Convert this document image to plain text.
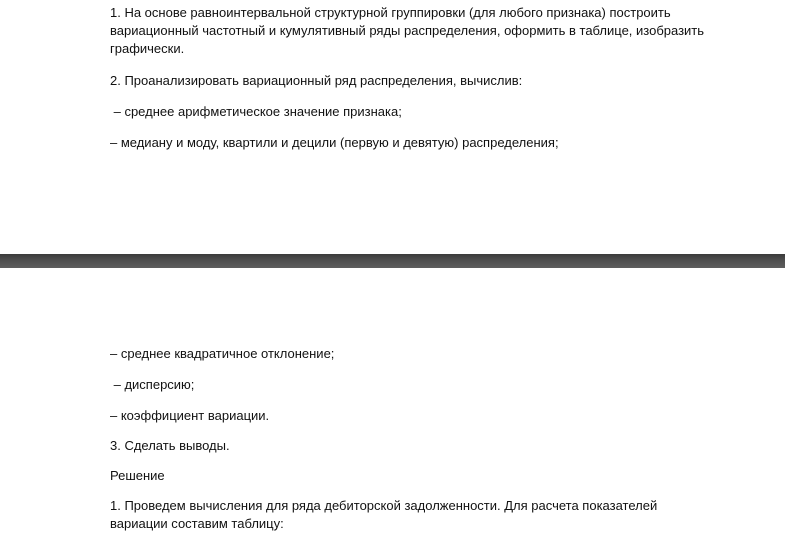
1. На основе равноинтервальной структурной группировки (для любого признака) построить
вариационный частотный и кумулятивный ряды распределения, оформить в таблице, изобразить
графически.
2. Проанализировать вариационный ряд распределения, вычислив:
– среднее арифметическое значение признака;
– медиану и моду, квартили и децили (первую и девятую) распределения;
– среднее квадратичное отклонение;
– дисперсию;
– коэффициент вариации.
3. Сделать выводы.
Решение
1. Проведем вычисления для ряда дебиторской задолженности. Для расчета показателей
вариации составим таблицу:
